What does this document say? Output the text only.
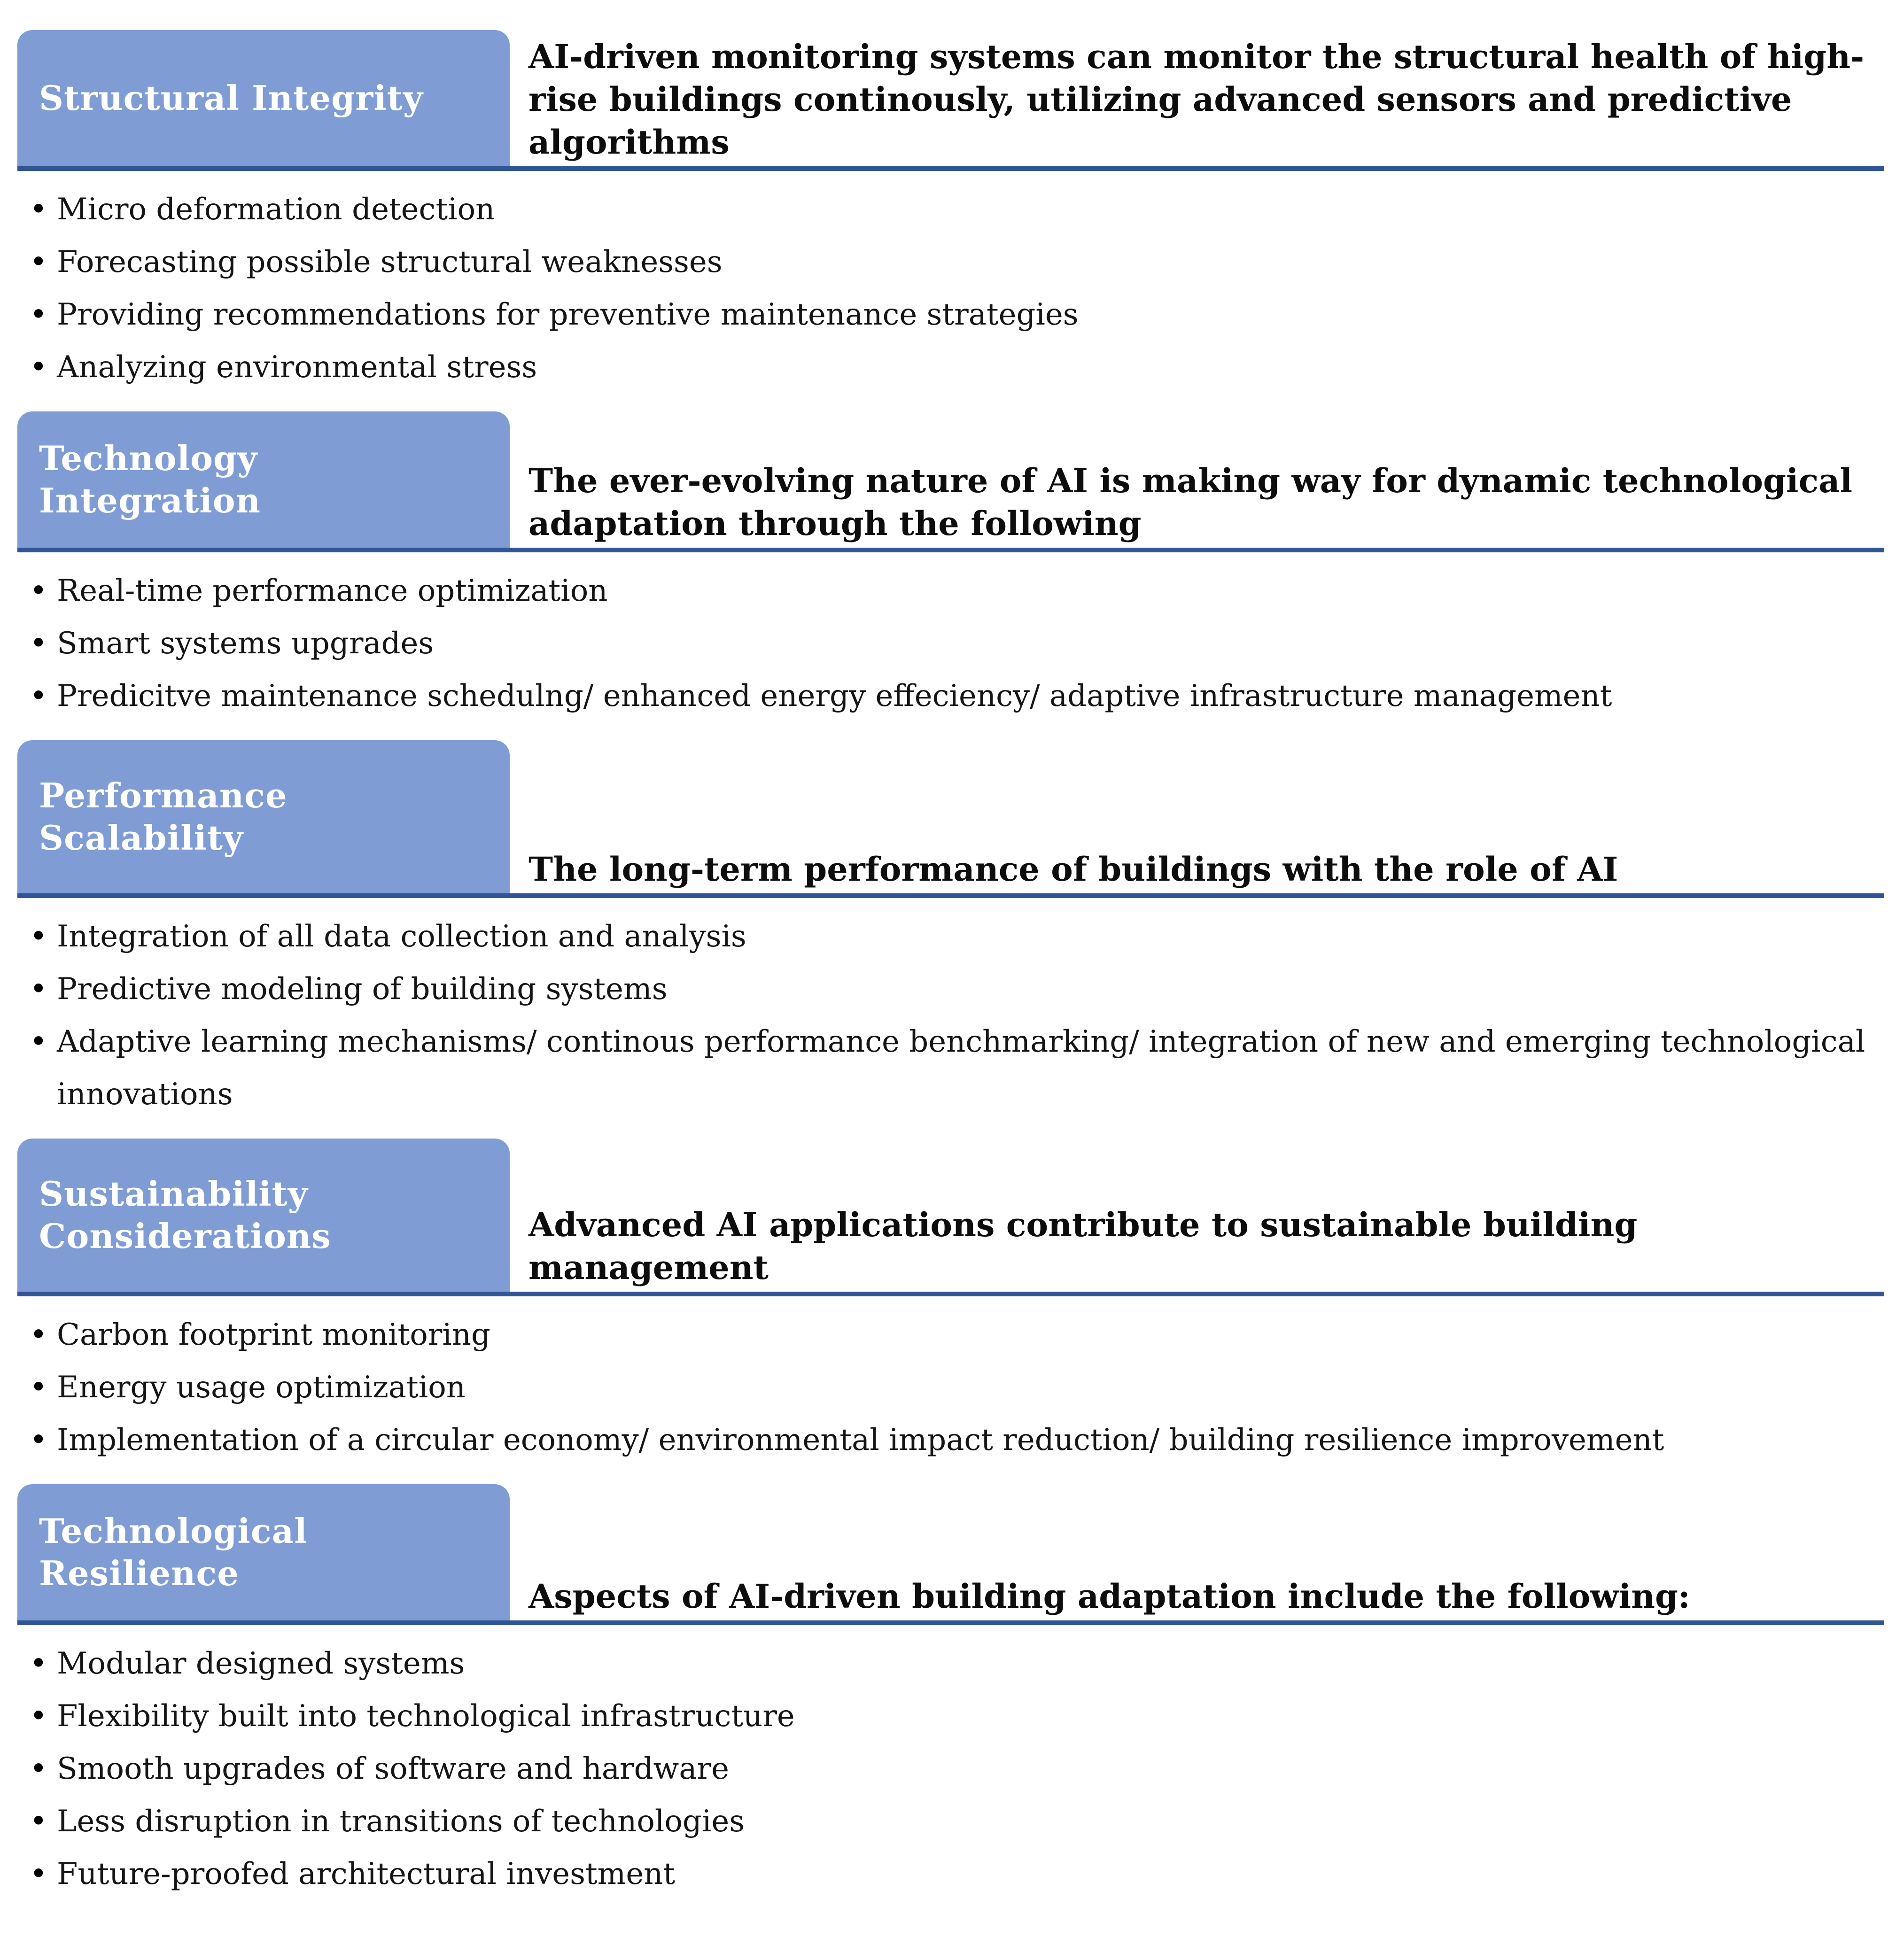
Structural Integrity
AI-driven monitoring systems can monitor the structural health of high-rise buildings continously, utilizing advanced sensors and predictive algorithms
• Micro deformation detection
• Forecasting possible structural weaknesses
• Providing recommendations for preventive maintenance strategies
• Analyzing environmental stress
Technology Integration	The ever-evolving nature of AI is making way for dynamic technological adaptation through the following
• Real-time performance optimization
• Smart systems upgrades
• Predicitve maintenance schedulng/ enhanced energy effeciency/ adaptive infrastructure management
Performance Scalability
The long-term performance of buildings with the role of AI
• Integration of all data collection and analysis
• Predictive modeling of building systems
• Adaptive learning mechanisms/ continous performance benchmarking/ integration of new and emerging technological innovations
Sustainability Considerations	Advanced AI applications contribute to sustainable building management
• Carbon footprint monitoring
• Energy usage optimization
• Implementation of a circular economy/ environmental impact reduction/ building resilience improvement
Technological Resilience
Aspects of AI-driven building adaptation include the following:
• Modular designed systems
• Flexibility built into technological infrastructure
• Smooth upgrades of software and hardware
• Less disruption in transitions of technologies
• Future-proofed architectural investment
